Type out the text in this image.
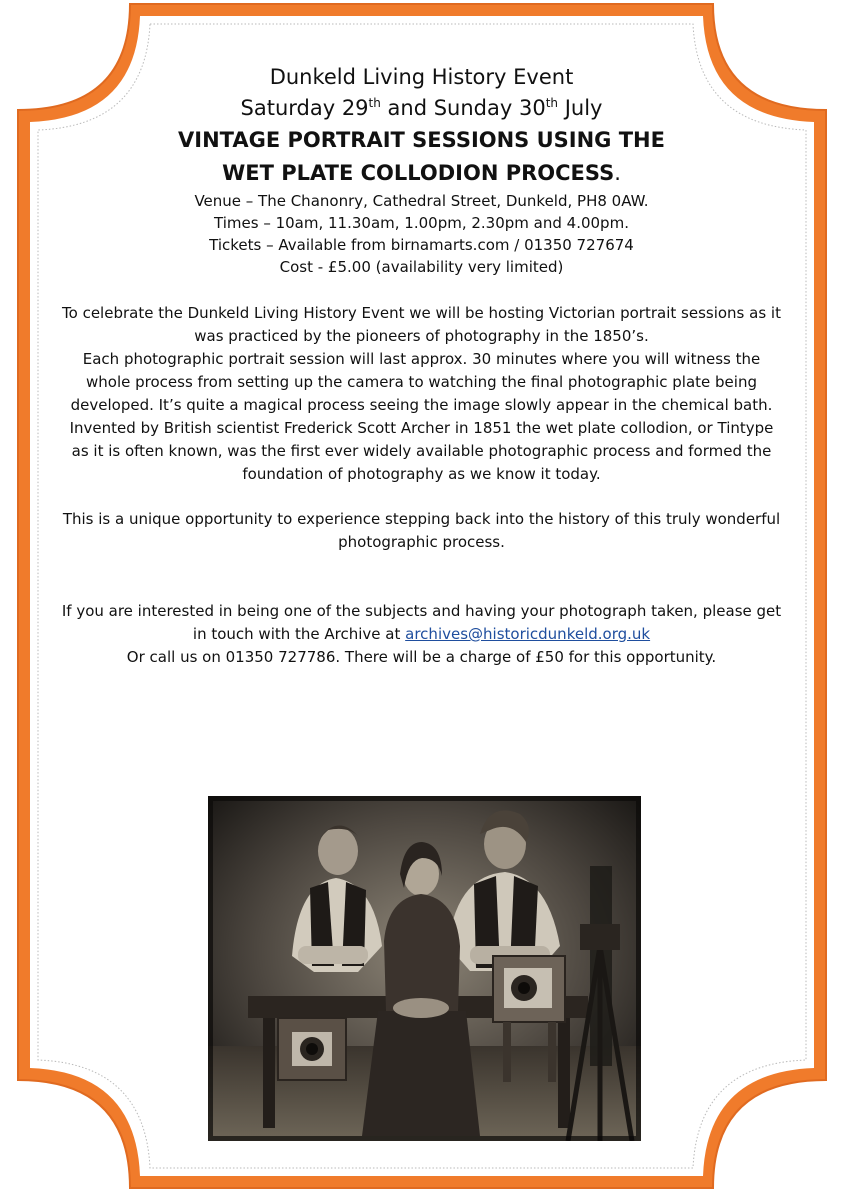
Dunkeld Living History Event

Saturday 29th and Sunday 30th July

VINTAGE PORTRAIT SESSIONS USING THE

WET PLATE COLLODION PROCESS.

Venue – The Chanonry, Cathedral Street, Dunkeld, PH8 0AW.

Times – 10am, 11.30am, 1.00pm, 2.30pm and 4.00pm.

Tickets – Available from birnamarts.com / 01350 727674

Cost - £5.00 (availability very limited)

To celebrate the Dunkeld Living History Event we will be hosting Victorian portrait sessions as it was practiced by the pioneers of photography in the 1850’s.

Each photographic portrait session will last approx. 30 minutes where you will witness the whole process from setting up the camera to watching the final photographic plate being developed. It’s quite a magical process seeing the image slowly appear in the chemical bath.

Invented by British scientist Frederick Scott Archer in 1851 the wet plate collodion, or Tintype as it is often known, was the first ever widely available photographic process and formed the foundation of photography as we know it today.

This is a unique opportunity to experience stepping back into the history of this truly wonderful photographic process.

If you are interested in being one of the subjects and having your photograph taken, please get in touch with the Archive at archives@historicdunkeld.org.uk

Or call us on 01350 727786. There will be a charge of £50 for this opportunity.
